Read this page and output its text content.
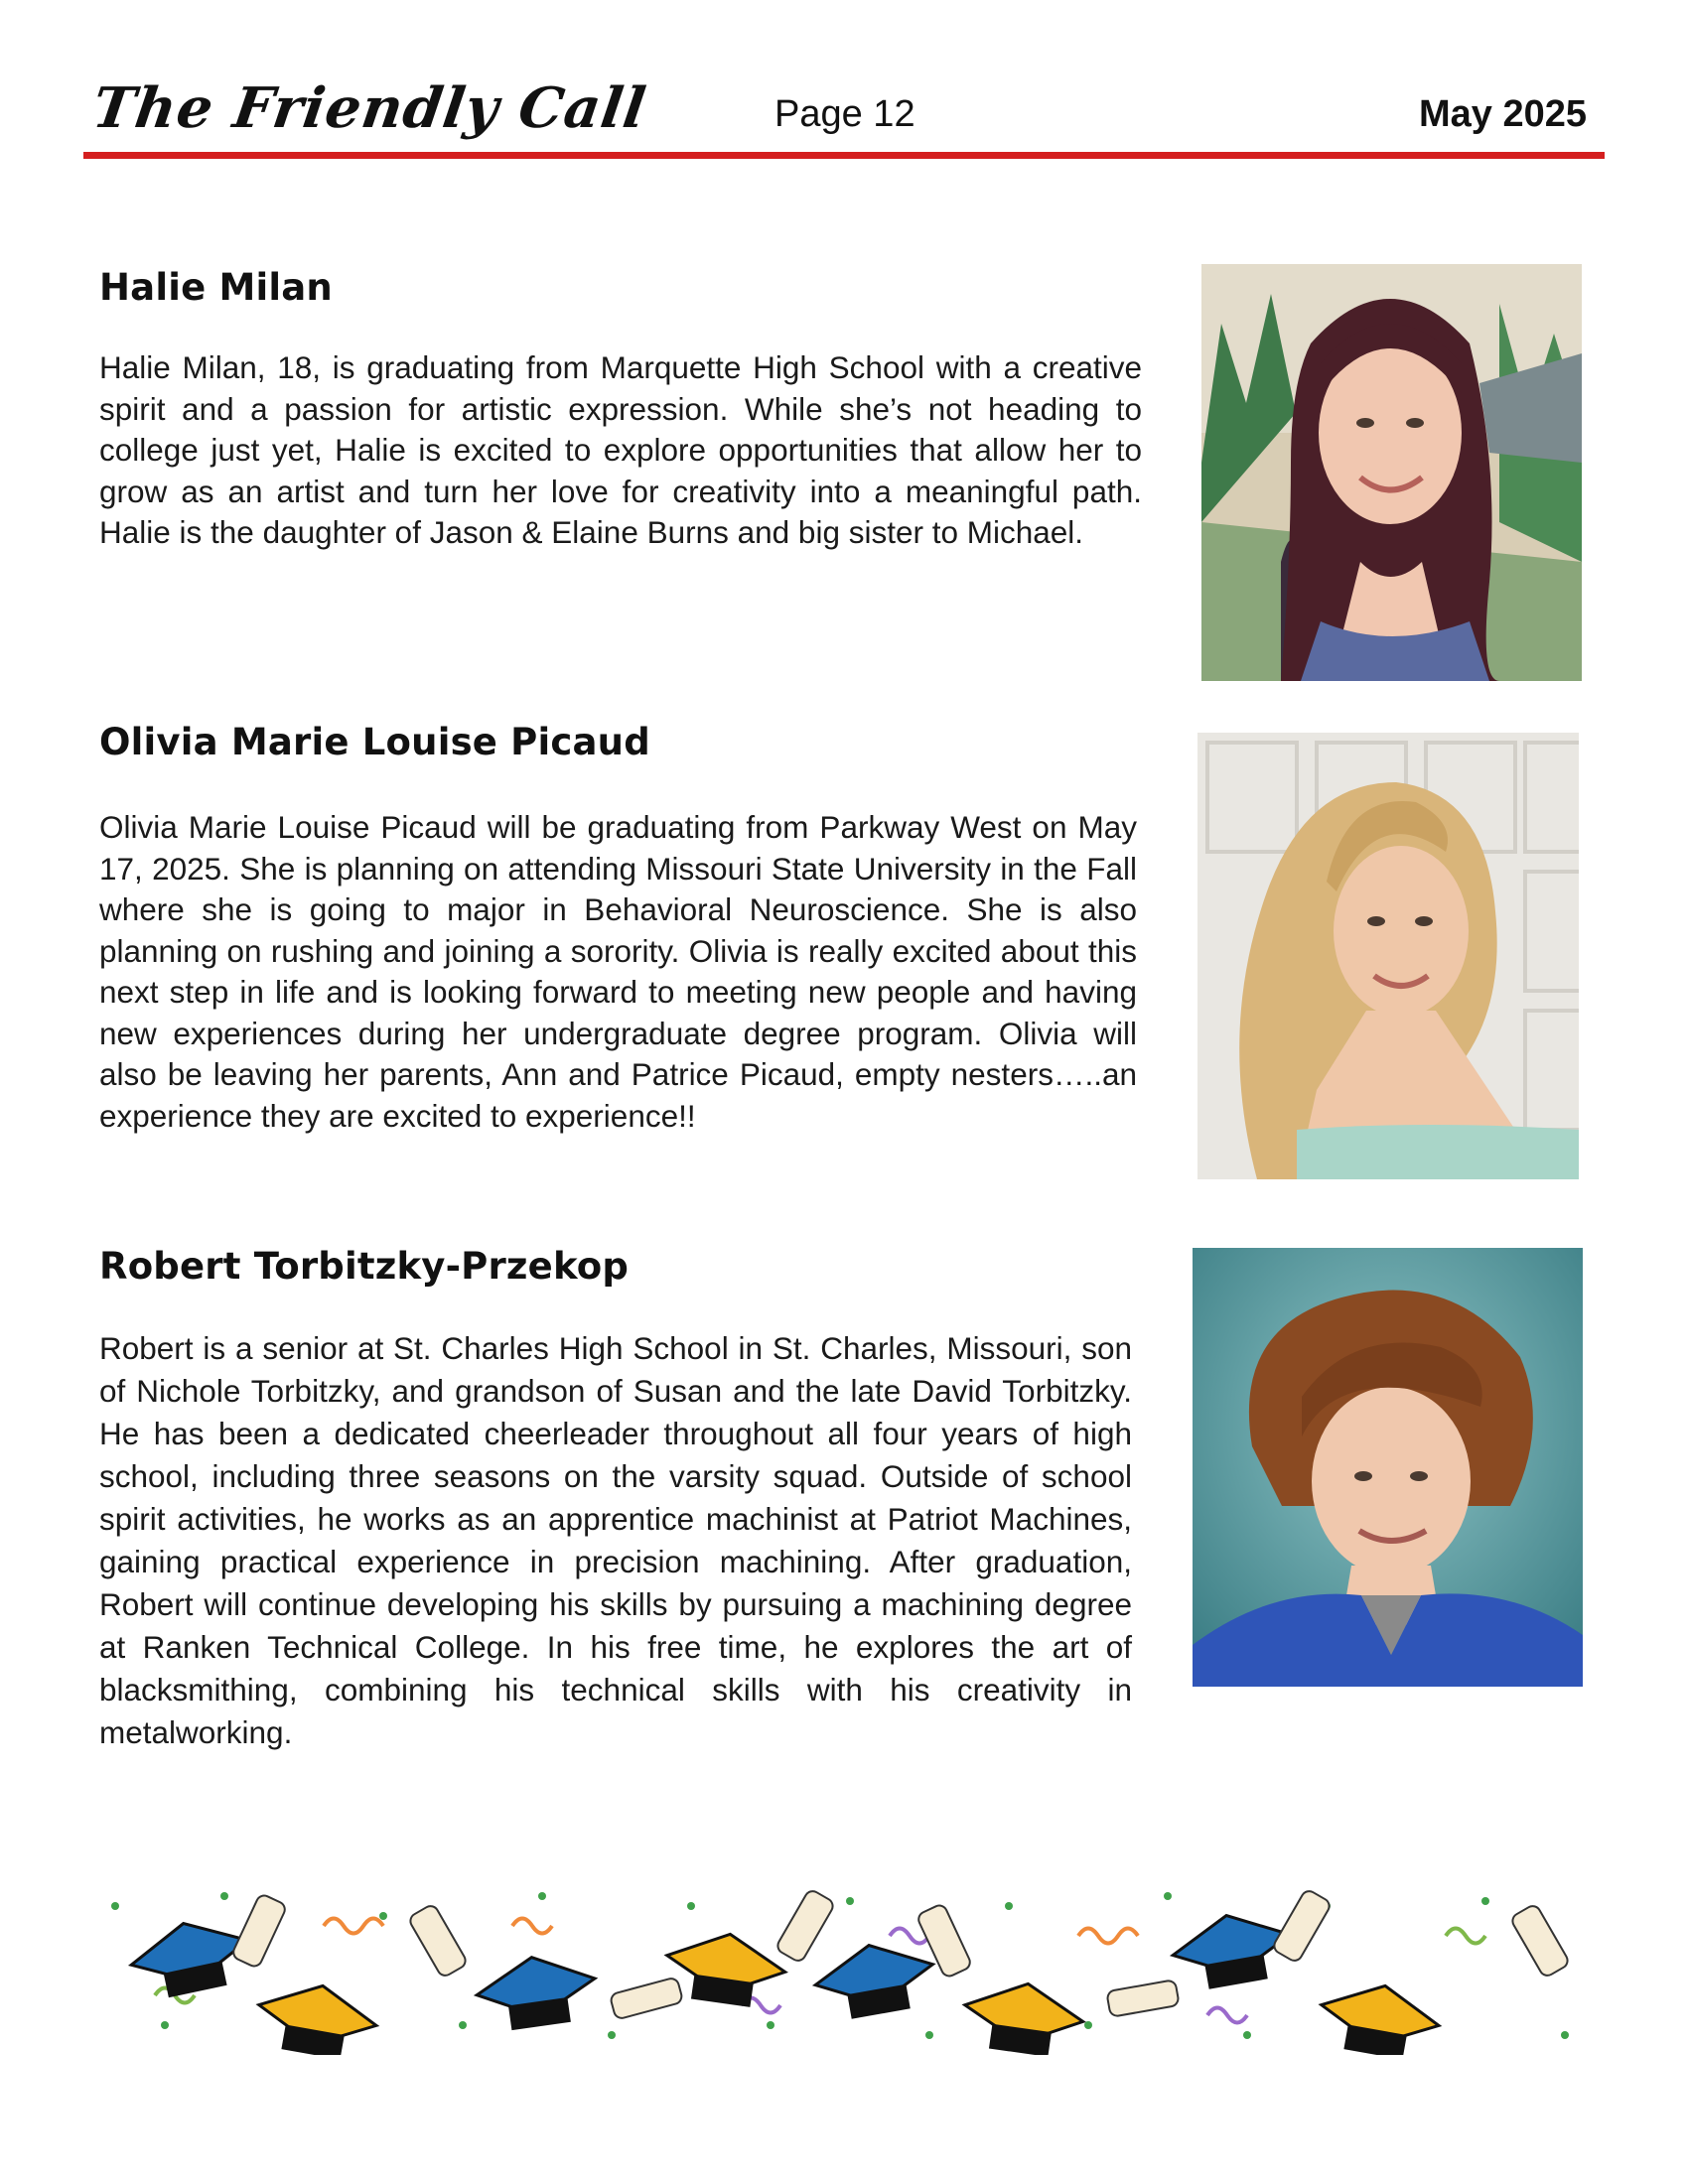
The Friendly Call	Page 12	May 2025
Halie Milan
Halie Milan, 18, is graduating from Marquette High School with a creative spirit and a passion for artistic expression. While she’s not heading to college just yet, Halie is excited to explore opportunities that allow her to grow as an artist and turn her love for creativity into a meaningful path. Halie is the daughter of Jason & Elaine Burns and big sister to Michael.
Olivia Marie Louise Picaud
Olivia Marie Louise Picaud will be graduating from Parkway West on May 17, 2025. She is planning on attending Missouri State University in the Fall where she is going to major in Behavioral Neuroscience. She is also planning on rushing and joining a sorority. Olivia is really excited about this next step in life and is looking forward to meeting new people and having new experiences during her undergraduate degree program. Olivia will also be leaving her parents, Ann and Patrice Picaud, empty nesters…..an experience they are excited to experience!!
Robert Torbitzky-Przekop
Robert is a senior at St. Charles High School in St. Charles, Missouri, son of Nichole Torbitzky, and grandson of Susan and the late David Torbitzky. He has been a dedicated cheerleader throughout all four years of high school, including three seasons on the varsity squad. Outside of school spirit activities, he works as an apprentice machinist at Patriot Machines, gaining practical experience in precision machining. After graduation, Robert will continue developing his skills by pursuing a machining degree at Ranken Technical College. In his free time, he explores the art of blacksmithing, combining his technical skills with his creativity in metalworking.
